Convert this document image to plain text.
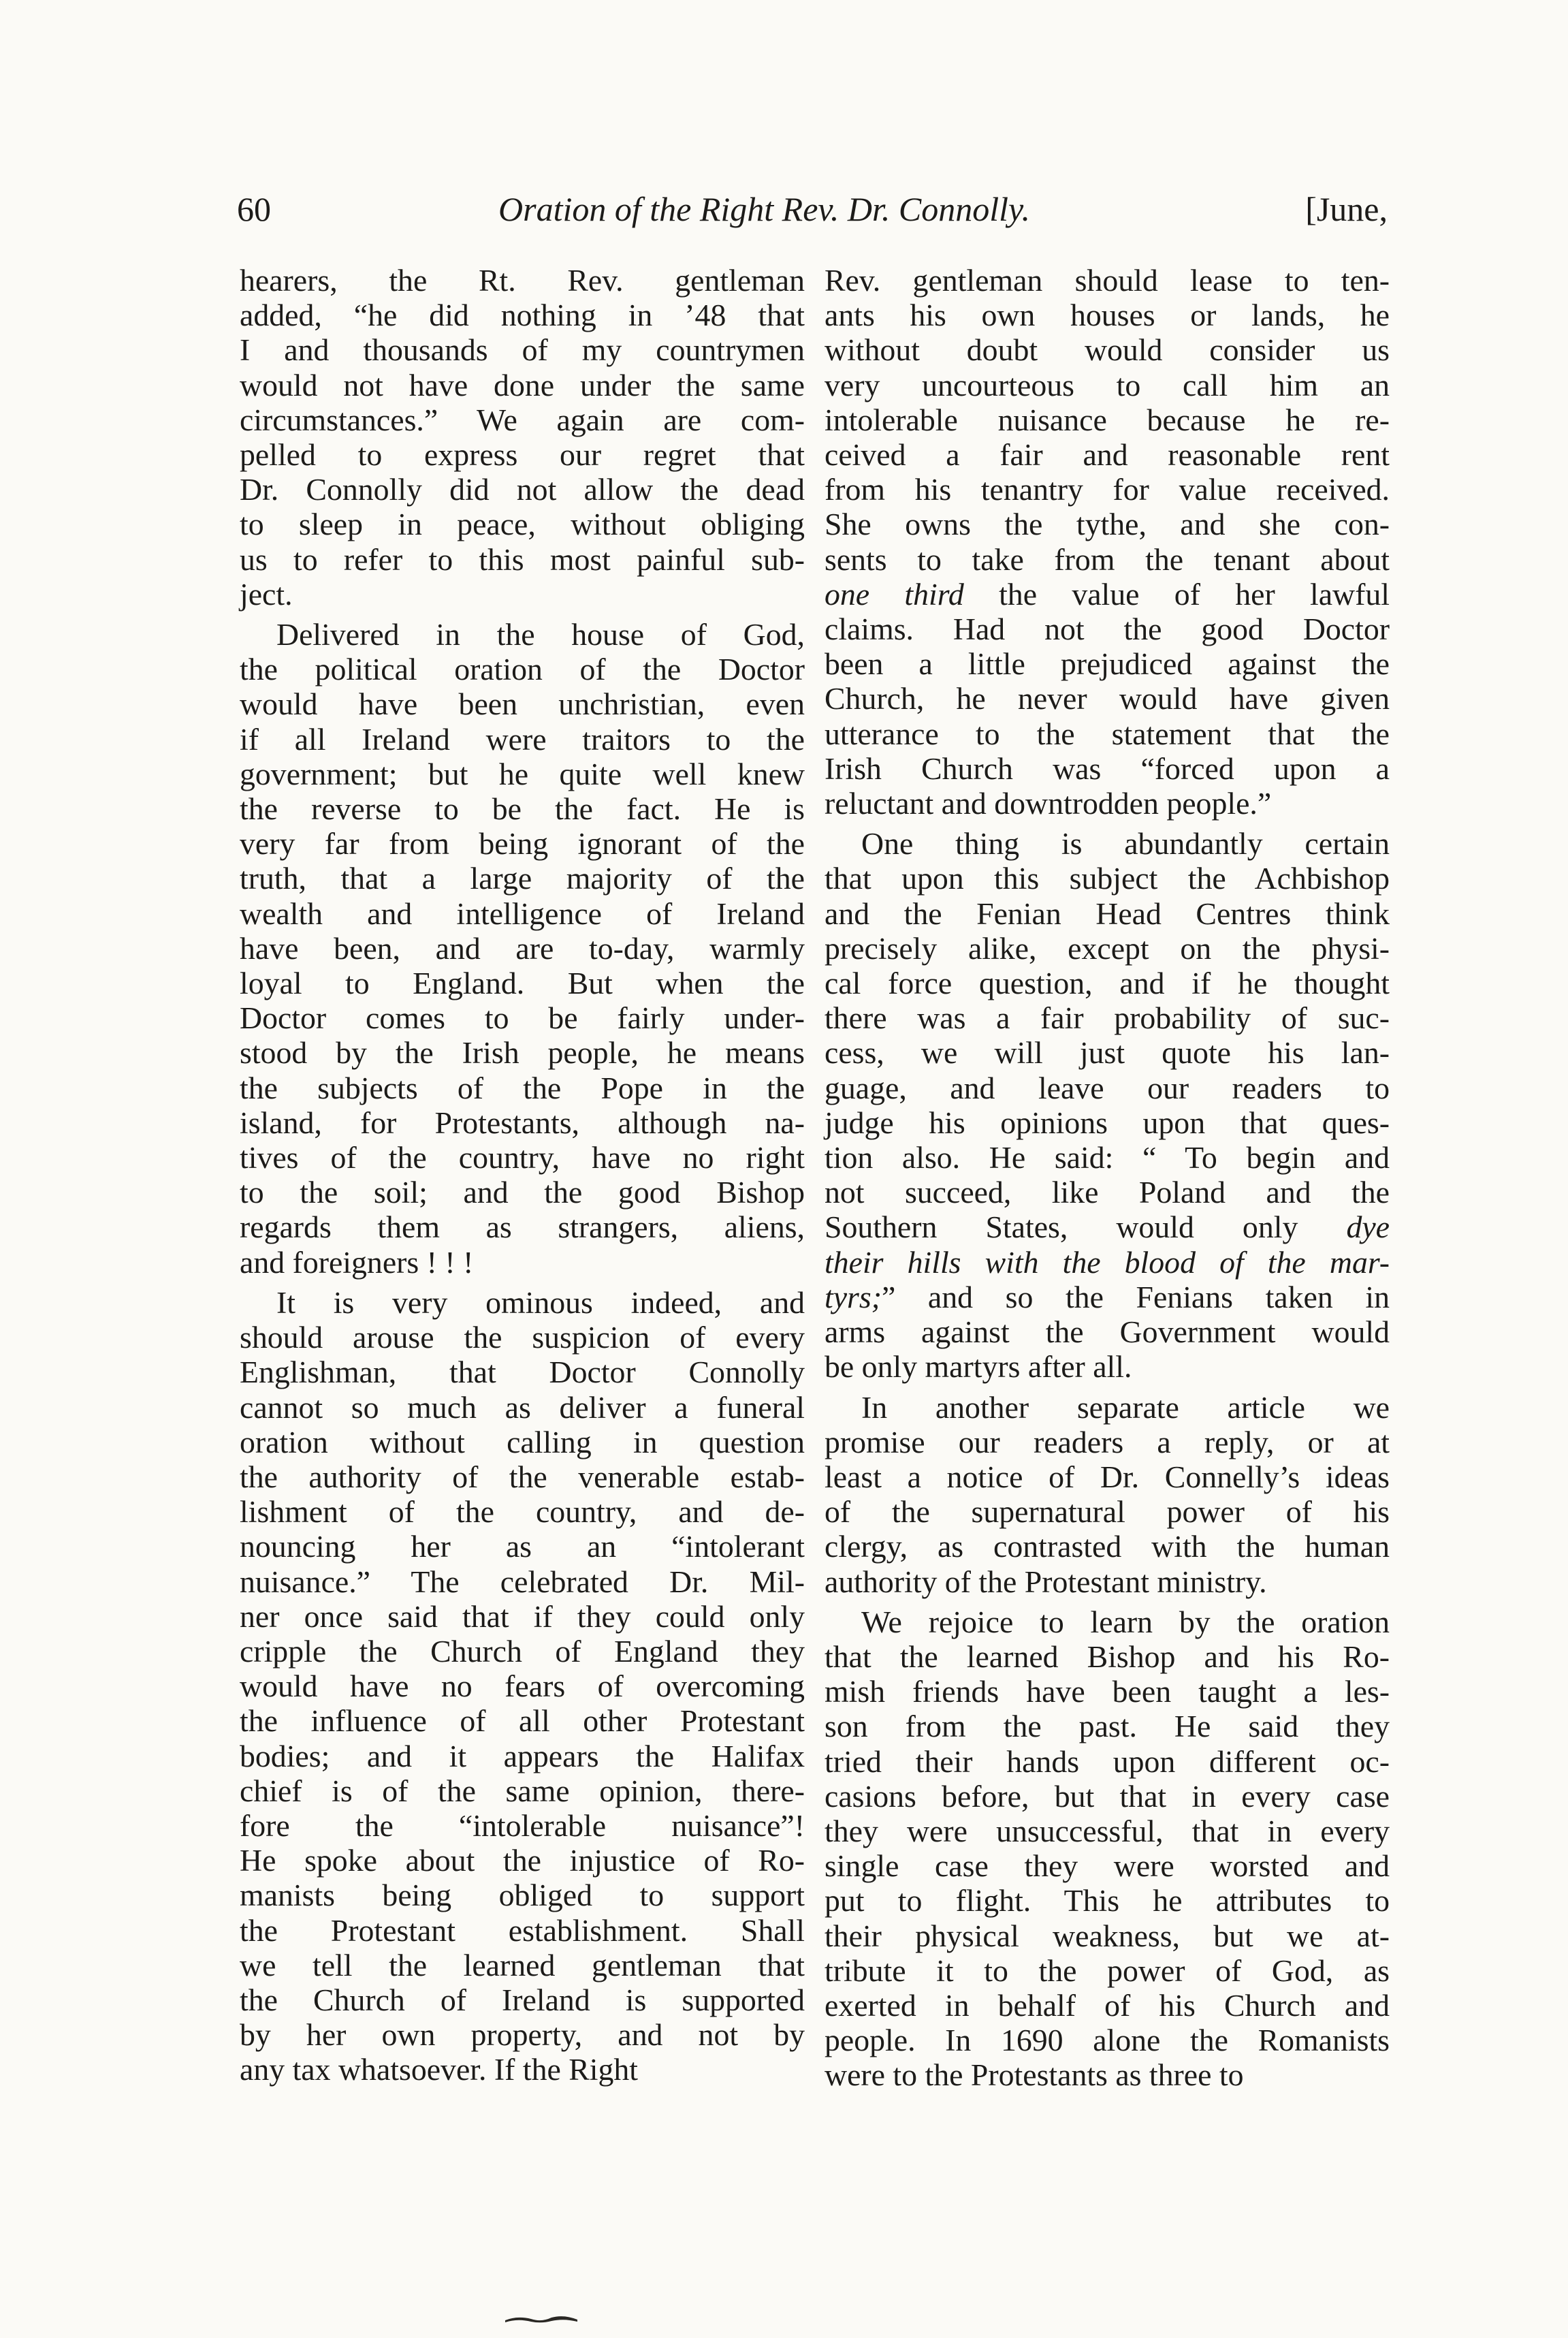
60	Oration of the Right Rev. Dr. Connolly.	[June,

hearers, the Rt. Rev. gentleman
added, “he did nothing in ’48 that
I and thousands of my countrymen
would not have done under the same
circumstances.” We again are com-
pelled to express our regret that
Dr. Connolly did not allow the dead
to sleep in peace, without obliging
us to refer to this most painful sub-
ject.

Delivered in the house of God,
the political oration of the Doctor
would have been unchristian, even
if all Ireland were traitors to the
government; but he quite well knew
the reverse to be the fact. He is
very far from being ignorant of the
truth, that a large majority of the
wealth and intelligence of Ireland
have been, and are to-day, warmly
loyal to England. But when the
Doctor comes to be fairly under-
stood by the Irish people, he means
the subjects of the Pope in the
island, for Protestants, although na-
tives of the country, have no right
to the soil; and the good Bishop
regards them as strangers, aliens,
and foreigners ! ! !

It is very ominous indeed, and
should arouse the suspicion of every
Englishman, that Doctor Connolly
cannot so much as deliver a funeral
oration without calling in question
the authority of the venerable estab-
lishment of the country, and de-
nouncing her as an “intolerant
nuisance.” The celebrated Dr. Mil-
ner once said that if they could only
cripple the Church of England they
would have no fears of overcoming
the influence of all other Protestant
bodies; and it appears the Halifax
chief is of the same opinion, there-
fore the “intolerable nuisance”!
He spoke about the injustice of Ro-
manists being obliged to support
the Protestant establishment. Shall
we tell the learned gentleman that
the Church of Ireland is supported
by her own property, and not by
any tax whatsoever. If the Right

Rev. gentleman should lease to ten-
ants his own houses or lands, he
without doubt would consider us
very uncourteous to call him an
intolerable nuisance because he re-
ceived a fair and reasonable rent
from his tenantry for value received.
She owns the tythe, and she con-
sents to take from the tenant about
one third the value of her lawful
claims. Had not the good Doctor
been a little prejudiced against the
Church, he never would have given
utterance to the statement that the
Irish Church was “forced upon a
reluctant and downtrodden people.”

One thing is abundantly certain
that upon this subject the Achbishop
and the Fenian Head Centres think
precisely alike, except on the physi-
cal force question, and if he thought
there was a fair probability of suc-
cess, we will just quote his lan-
guage, and leave our readers to
judge his opinions upon that ques-
tion also. He said: “ To begin and
not succeed, like Poland and the
Southern States, would only dye
their hills with the blood of the mar-
tyrs;” and so the Fenians taken in
arms against the Government would
be only martyrs after all.

In another separate article we
promise our readers a reply, or at
least a notice of Dr. Connelly’s ideas
of the supernatural power of his
clergy, as contrasted with the human
authority of the Protestant ministry.

We rejoice to learn by the oration
that the learned Bishop and his Ro-
mish friends have been taught a les-
son from the past. He said they
tried their hands upon different oc-
casions before, but that in every case
they were unsuccessful, that in every
single case they were worsted and
put to flight. This he attributes to
their physical weakness, but we at-
tribute it to the power of God, as
exerted in behalf of his Church and
people. In 1690 alone the Romanists
were to the Protestants as three to
